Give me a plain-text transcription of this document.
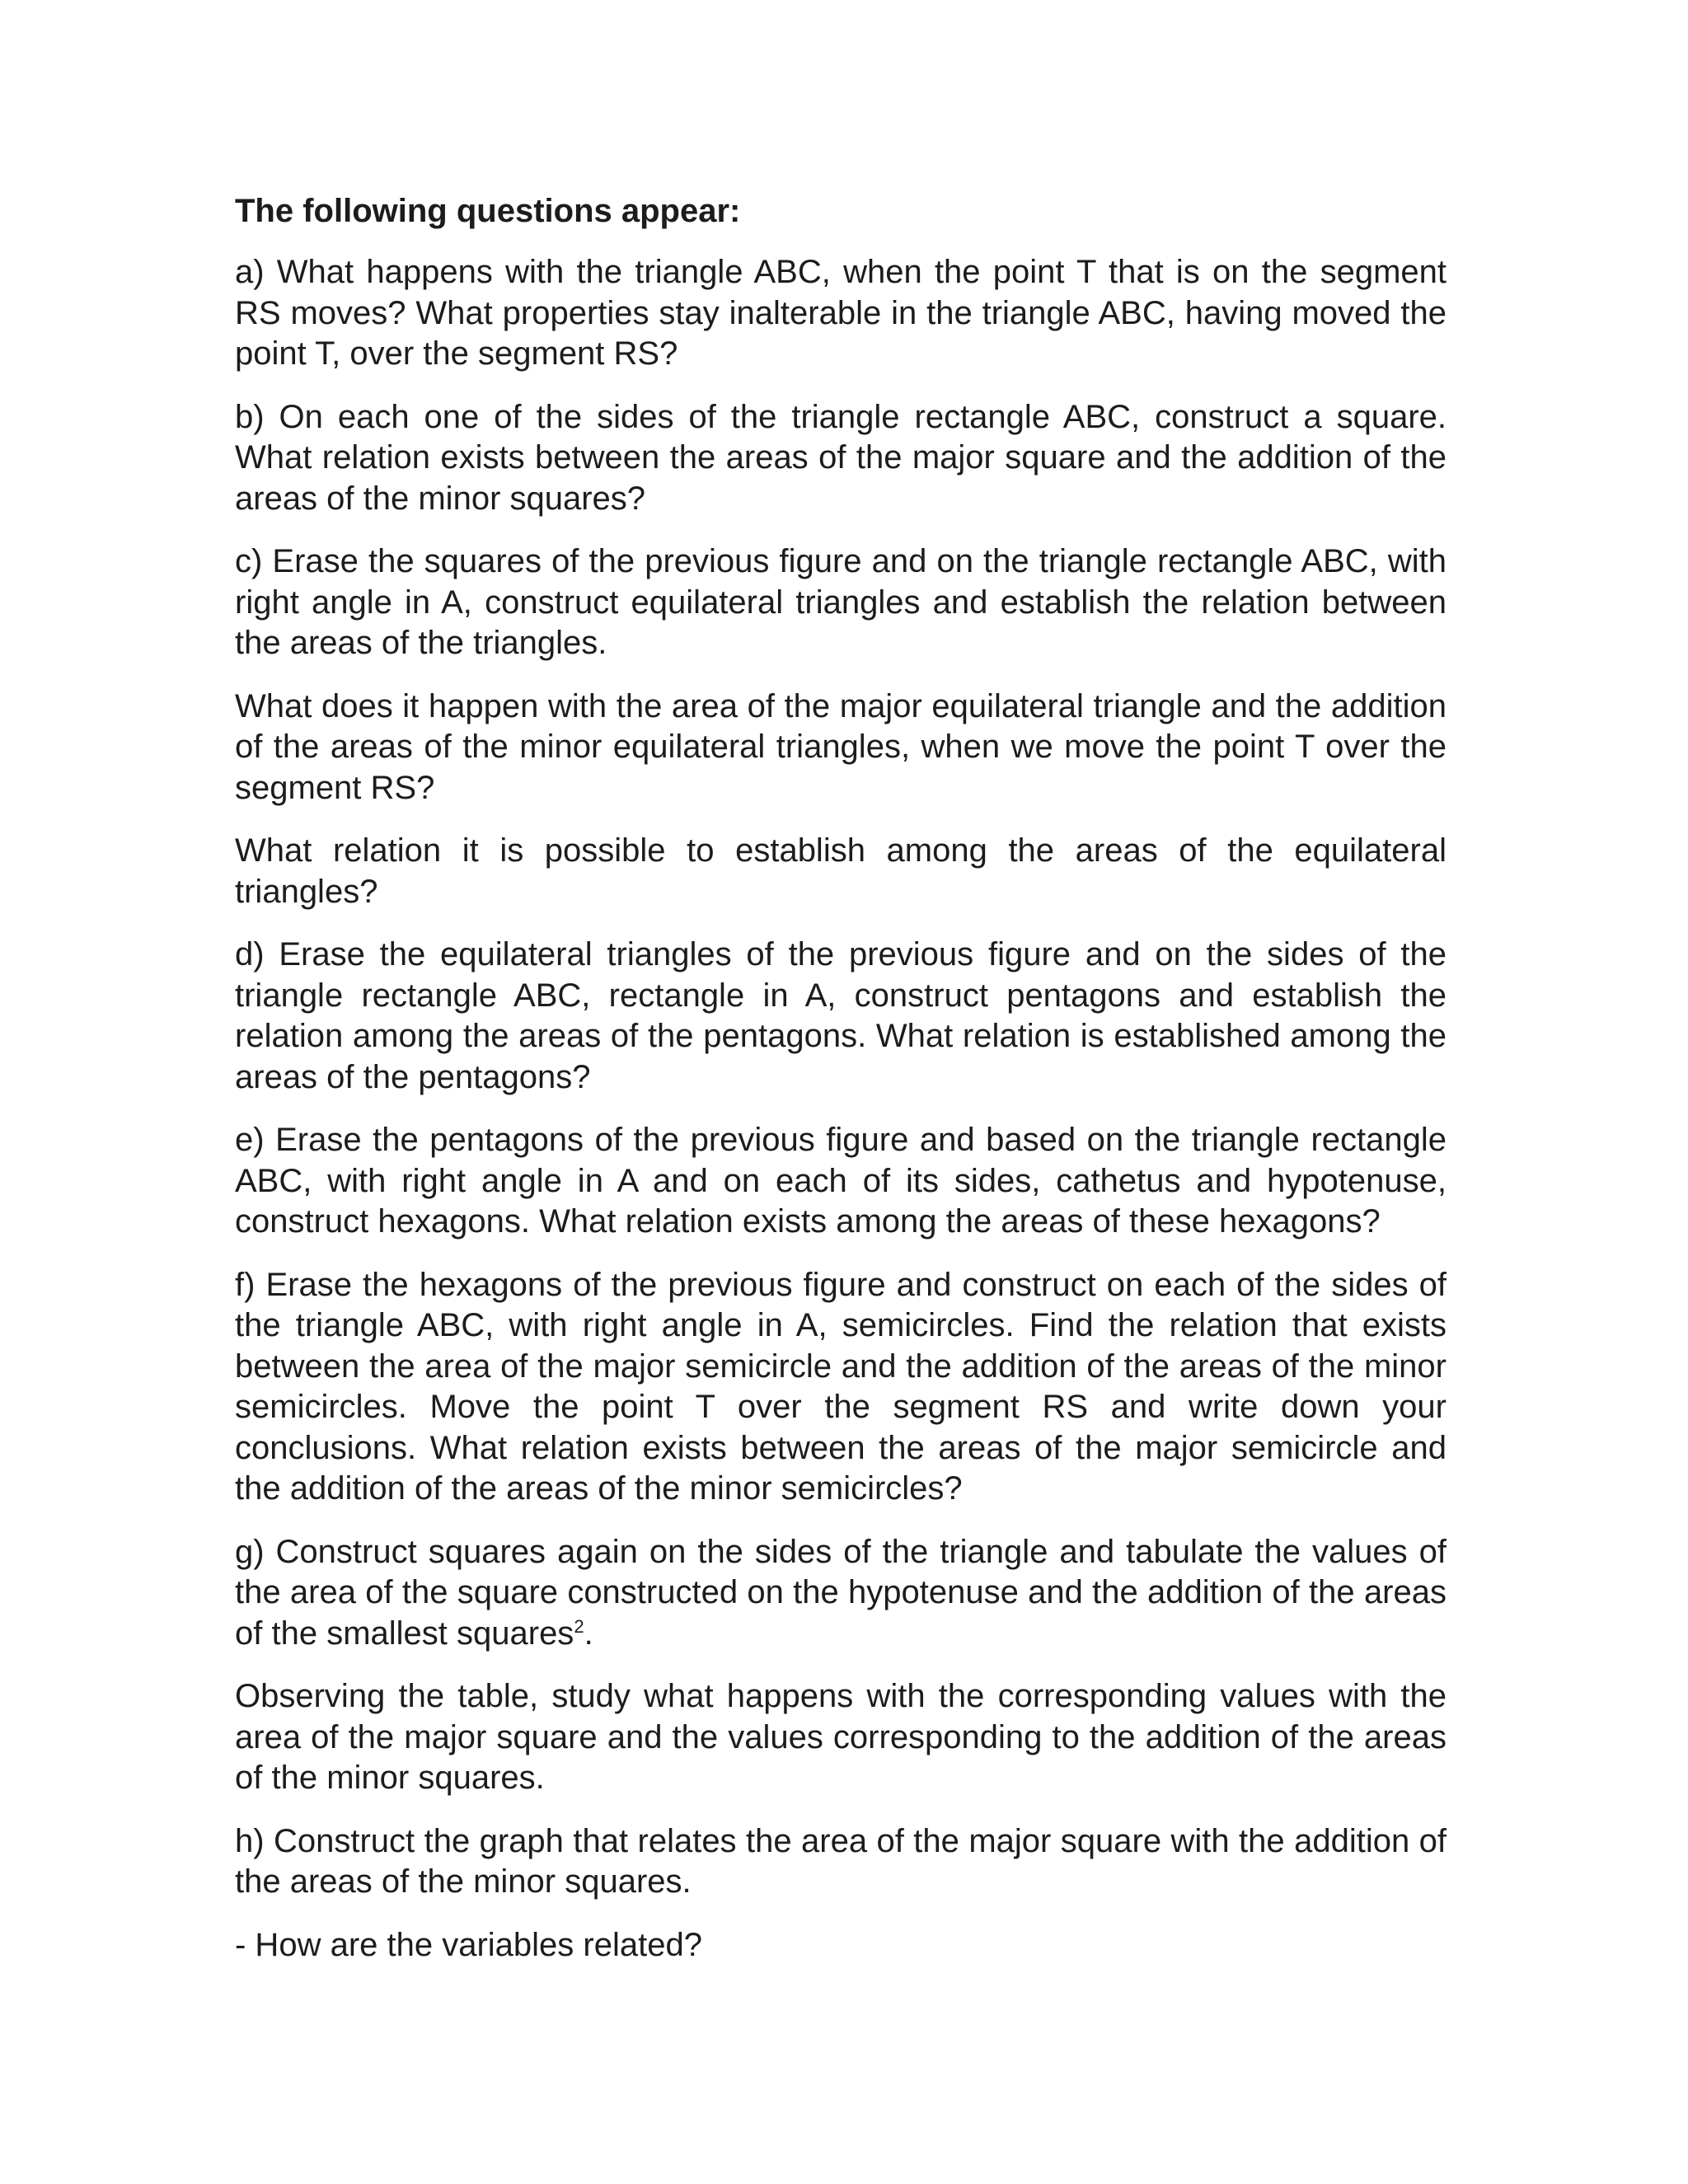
The following questions appear:

a) What happens with the triangle ABC, when the point T that is on the segment RS moves? What properties stay inalterable in the triangle ABC, having moved the point T, over the segment RS?

b) On each one of the sides of the triangle rectangle ABC, construct a square. What relation exists between the areas of the major square and the addition of the areas of the minor squares?

c) Erase the squares of the previous figure and on the triangle rectangle ABC, with right angle in A, construct equilateral triangles and establish the relation between the areas of the triangles.

What does it happen with the area of the major equilateral triangle and the addition of the areas of the minor equilateral triangles, when we move the point T over the segment RS?

What relation it is possible to establish among the areas of the equilateral triangles?

d) Erase the equilateral triangles of the previous figure and on the sides of the triangle rectangle ABC, rectangle in A, construct pentagons and establish the relation among the areas of the pentagons. What relation is established among the areas of the pentagons?

e) Erase the pentagons of the previous figure and based on the triangle rectangle ABC, with right angle in A and on each of its sides, cathetus and hypotenuse, construct hexagons. What relation exists among the areas of these hexagons?

f) Erase the hexagons of the previous figure and construct on each of the sides of the triangle ABC, with right angle in A, semicircles. Find the relation that exists between the area of the major semicircle and the addition of the areas of the minor semicircles. Move the point T over the segment RS and write down your conclusions. What relation exists between the areas of the major semicircle and the addition of the areas of the minor semicircles?

g) Construct squares again on the sides of the triangle and tabulate the values of the area of the square constructed on the hypotenuse and the addition of the areas of the smallest squares$^2$.

Observing the table, study what happens with the corresponding values with the area of the major square and the values corresponding to the addition of the areas of the minor squares.

h) Construct the graph that relates the area of the major square with the addition of the areas of the minor squares.

- How are the variables related?
